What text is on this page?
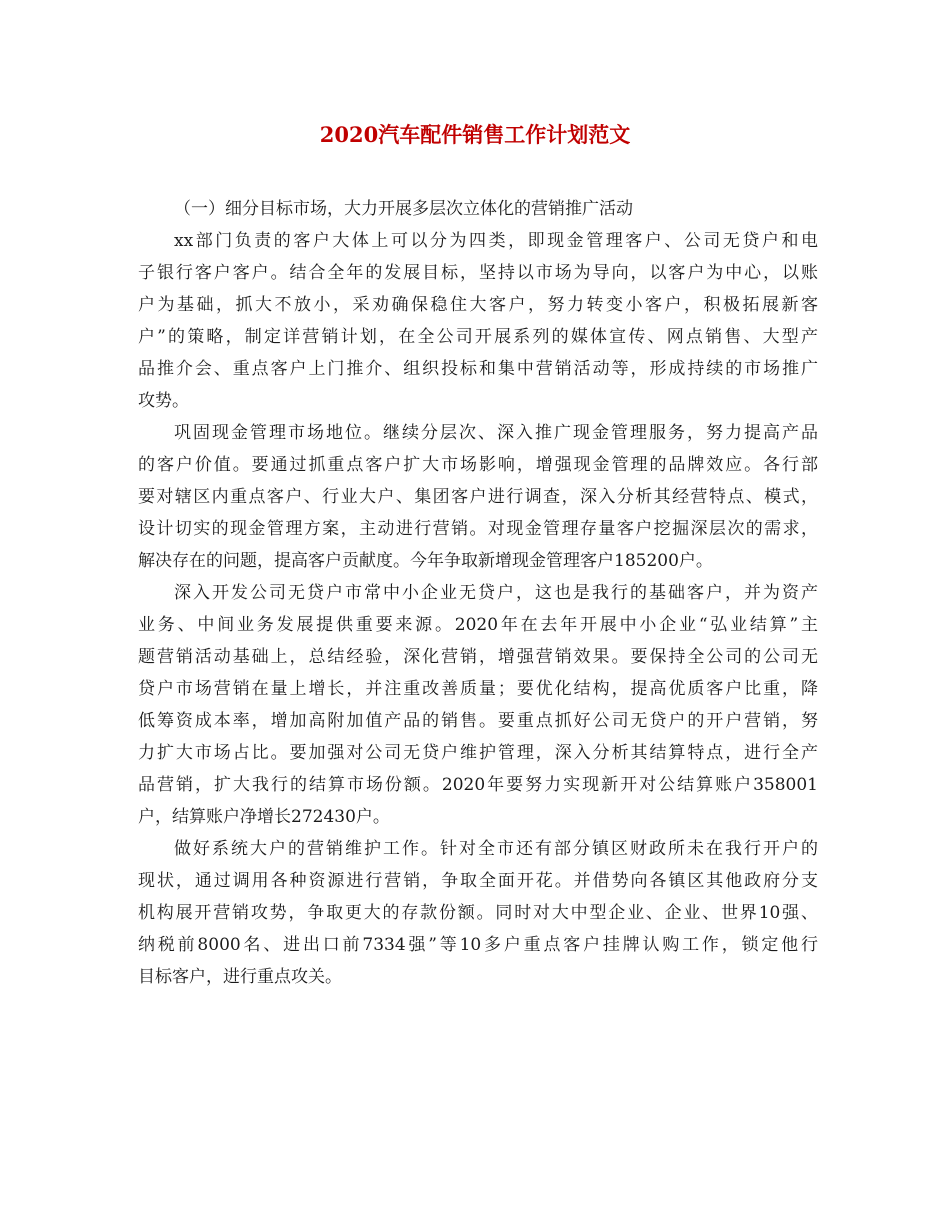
2020汽车配件销售工作计划范文
（一）细分目标市场，大力开展多层次立体化的营销推广活动
xx部门负责的客户大体上可以分为四类，即现金管理客户、公司无贷户和电
子银行客户客户。结合全年的发展目标，坚持以市场为导向，以客户为中心，以账
户为基础，抓大不放小，采劝确保稳住大客户，努力转变小客户，积极拓展新客
户”的策略，制定详营销计划，在全公司开展系列的媒体宣传、网点销售、大型产
品推介会、重点客户上门推介、组织投标和集中营销活动等，形成持续的市场推广
攻势。
巩固现金管理市场地位。继续分层次、深入推广现金管理服务，努力提高产品
的客户价值。要通过抓重点客户扩大市场影响，增强现金管理的品牌效应。各行部
要对辖区内重点客户、行业大户、集团客户进行调查，深入分析其经营特点、模式，
设计切实的现金管理方案，主动进行营销。对现金管理存量客户挖掘深层次的需求，
解决存在的问题，提高客户贡献度。今年争取新增现金管理客户185200户。
深入开发公司无贷户市常中小企业无贷户，这也是我行的基础客户，并为资产
业务、中间业务发展提供重要来源。2020年在去年开展中小企业“弘业结算”主
题营销活动基础上，总结经验，深化营销，增强营销效果。要保持全公司的公司无
贷户市场营销在量上增长，并注重改善质量；要优化结构，提高优质客户比重，降
低筹资成本率，增加高附加值产品的销售。要重点抓好公司无贷户的开户营销，努
力扩大市场占比。要加强对公司无贷户维护管理，深入分析其结算特点，进行全产
品营销，扩大我行的结算市场份额。2020年要努力实现新开对公结算账户358001
户，结算账户净增长272430户。
做好系统大户的营销维护工作。针对全市还有部分镇区财政所未在我行开户的
现状，通过调用各种资源进行营销，争取全面开花。并借势向各镇区其他政府分支
机构展开营销攻势，争取更大的存款份额。同时对大中型企业、企业、世界10强、
纳税前8000名、进出口前7334强”等10多户重点客户挂牌认购工作，锁定他行
目标客户，进行重点攻关。
